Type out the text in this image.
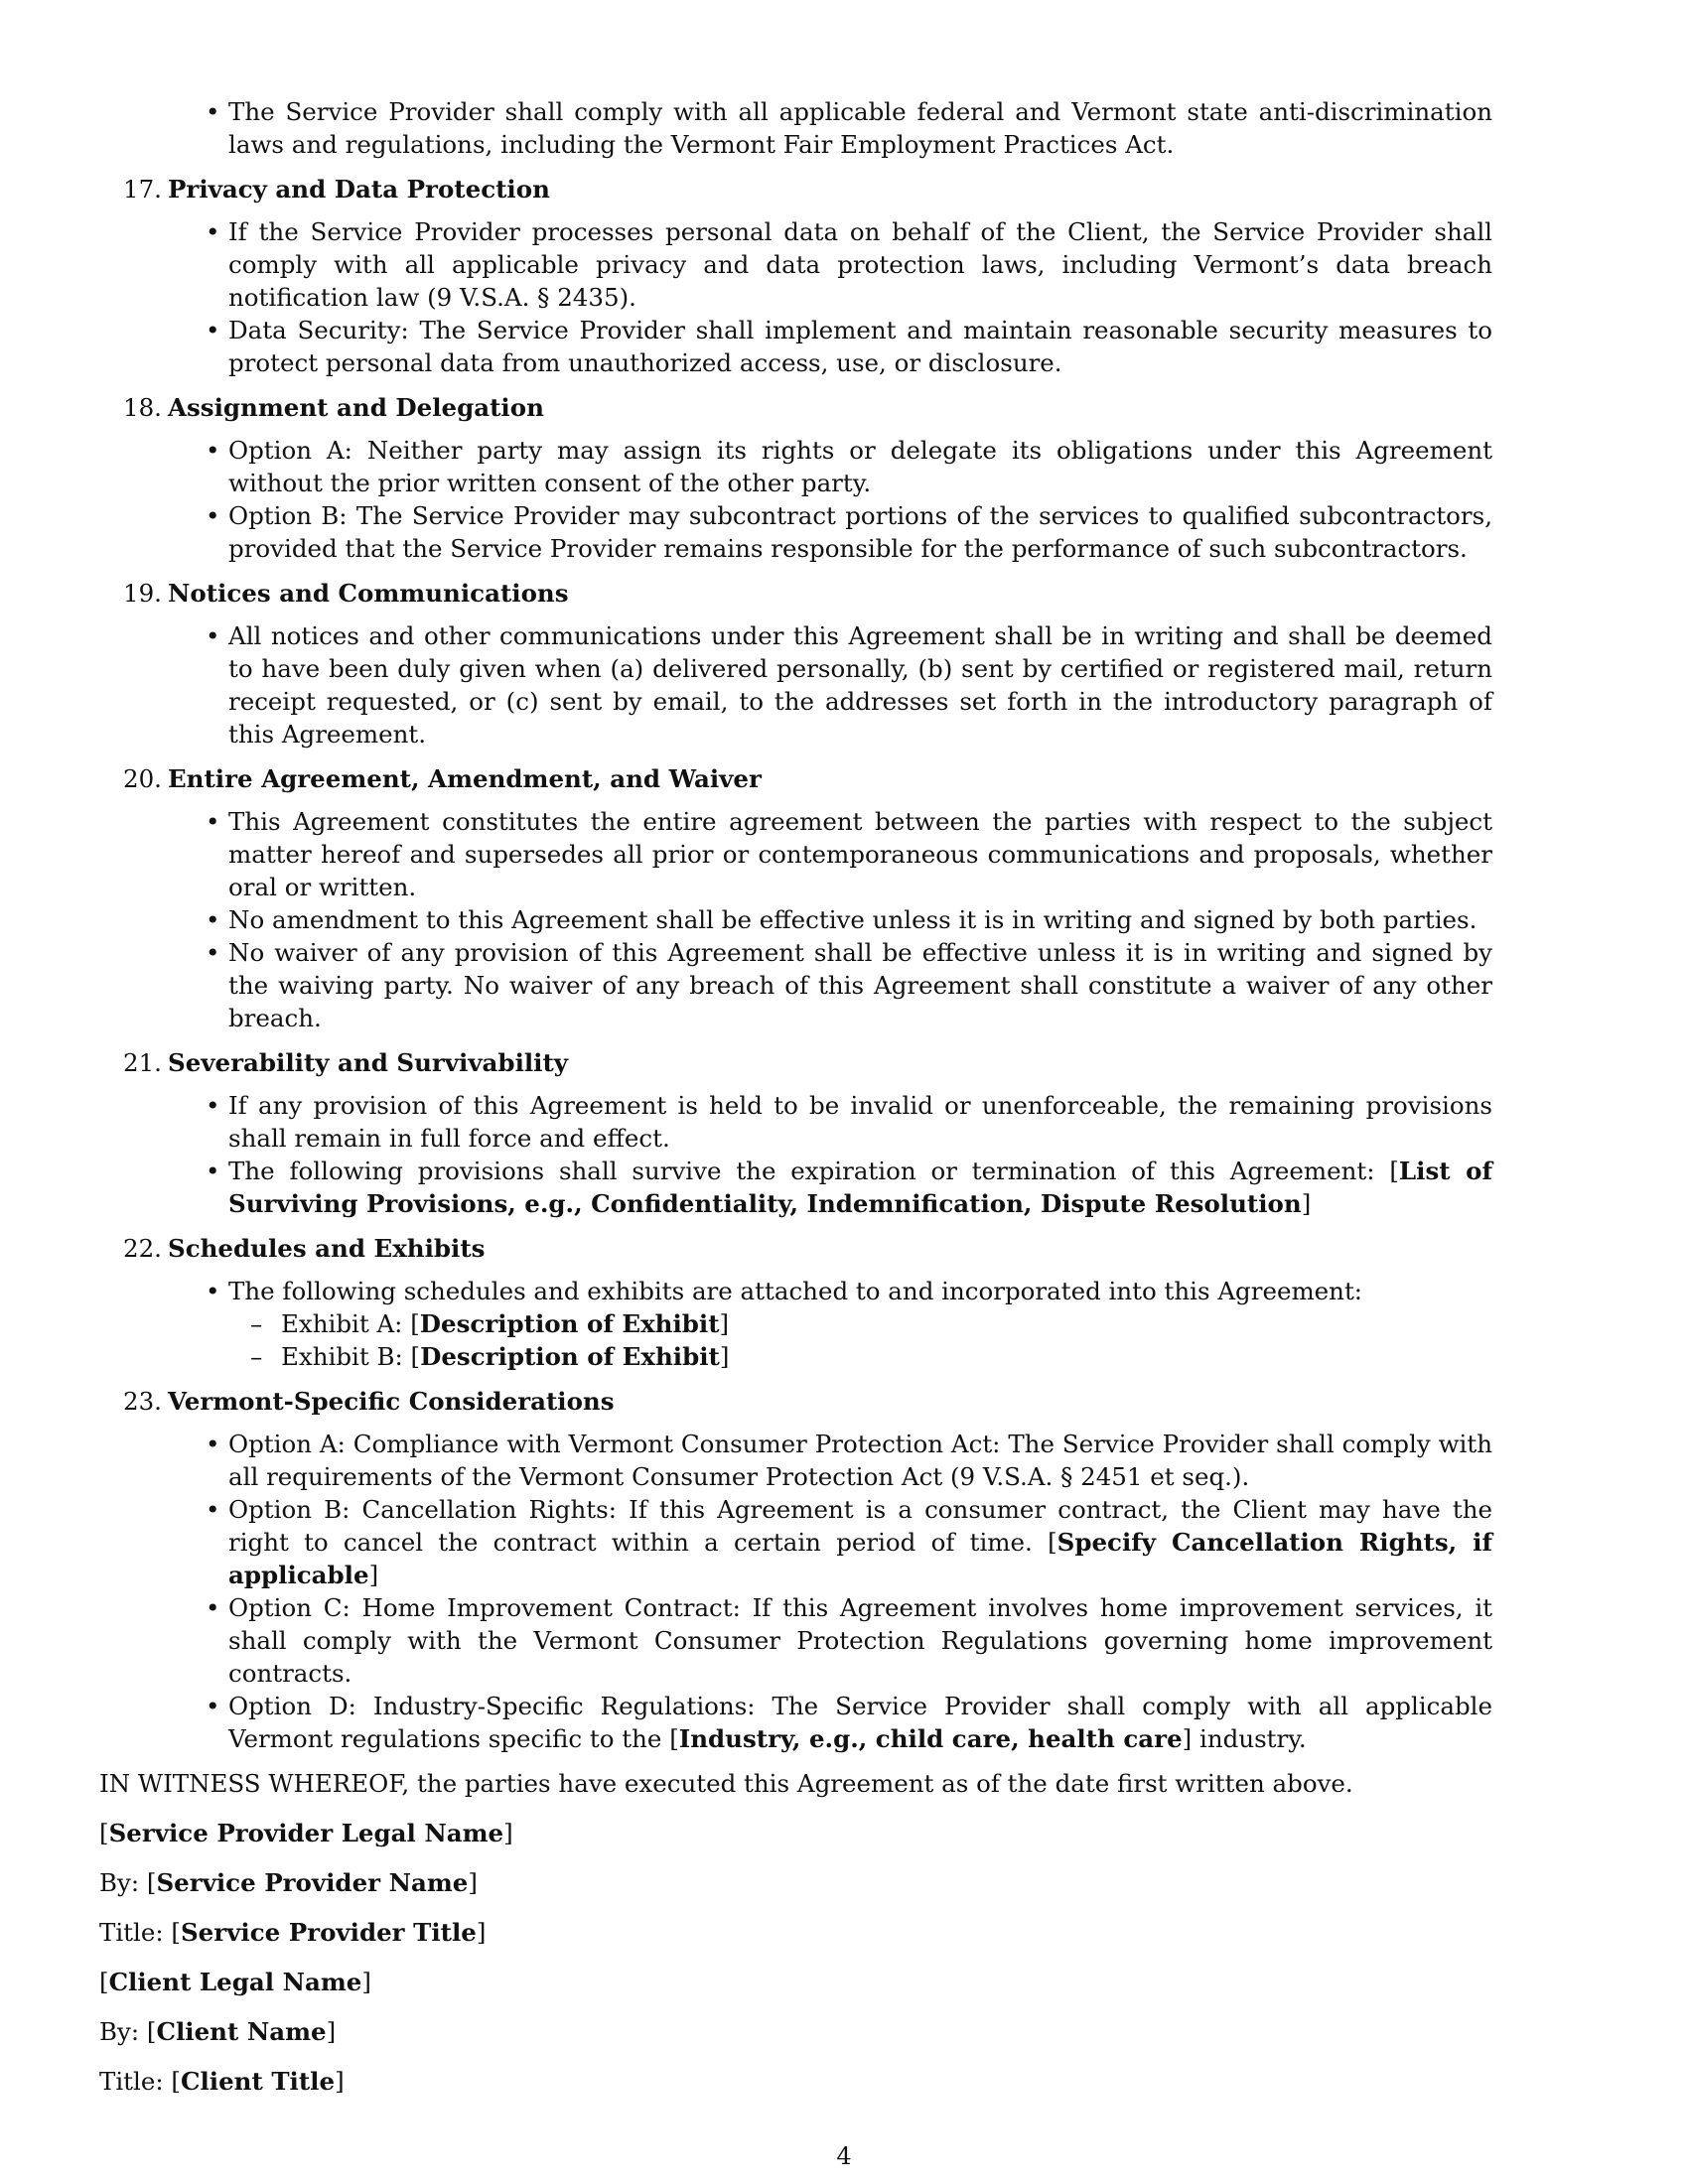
• The Service Provider shall comply with all applicable federal and Vermont state anti-discrimination laws and regulations, including the Vermont Fair Employment Practices Act.
17. Privacy and Data Protection
• If the Service Provider processes personal data on behalf of the Client, the Service Provider shall comply with all applicable privacy and data protection laws, including Vermont’s data breach notification law (9 V.S.A. § 2435).
• Data Security: The Service Provider shall implement and maintain reasonable security measures to protect personal data from unauthorized access, use, or disclosure.
18. Assignment and Delegation
• Option A: Neither party may assign its rights or delegate its obligations under this Agreement without the prior written consent of the other party.
• Option B: The Service Provider may subcontract portions of the services to qualified subcontractors, provided that the Service Provider remains responsible for the performance of such subcontractors.
19. Notices and Communications
• All notices and other communications under this Agreement shall be in writing and shall be deemed to have been duly given when (a) delivered personally, (b) sent by certified or registered mail, return receipt requested, or (c) sent by email, to the addresses set forth in the introductory paragraph of this Agreement.
20. Entire Agreement, Amendment, and Waiver
• This Agreement constitutes the entire agreement between the parties with respect to the subject matter hereof and supersedes all prior or contemporaneous communications and proposals, whether oral or written.
• No amendment to this Agreement shall be effective unless it is in writing and signed by both parties.
• No waiver of any provision of this Agreement shall be effective unless it is in writing and signed by the waiving party. No waiver of any breach of this Agreement shall constitute a waiver of any other breach.
21. Severability and Survivability
• If any provision of this Agreement is held to be invalid or unenforceable, the remaining provisions shall remain in full force and effect.
• The following provisions shall survive the expiration or termination of this Agreement: [List of Surviving Provisions, e.g., Confidentiality, Indemnification, Dispute Resolution]
22. Schedules and Exhibits
• The following schedules and exhibits are attached to and incorporated into this Agreement:
– Exhibit A: [Description of Exhibit]
– Exhibit B: [Description of Exhibit]
23. Vermont-Specific Considerations
• Option A: Compliance with Vermont Consumer Protection Act: The Service Provider shall comply with all requirements of the Vermont Consumer Protection Act (9 V.S.A. § 2451 et seq.).
• Option B: Cancellation Rights: If this Agreement is a consumer contract, the Client may have the right to cancel the contract within a certain period of time. [Specify Cancellation Rights, if applicable]
• Option C: Home Improvement Contract: If this Agreement involves home improvement services, it shall comply with the Vermont Consumer Protection Regulations governing home improvement contracts.
• Option D: Industry-Specific Regulations: The Service Provider shall comply with all applicable Vermont regulations specific to the [Industry, e.g., child care, health care] industry.
IN WITNESS WHEREOF, the parties have executed this Agreement as of the date first written above.
[Service Provider Legal Name]
By: [Service Provider Name]
Title: [Service Provider Title]
[Client Legal Name]
By: [Client Name]
Title: [Client Title]
4
